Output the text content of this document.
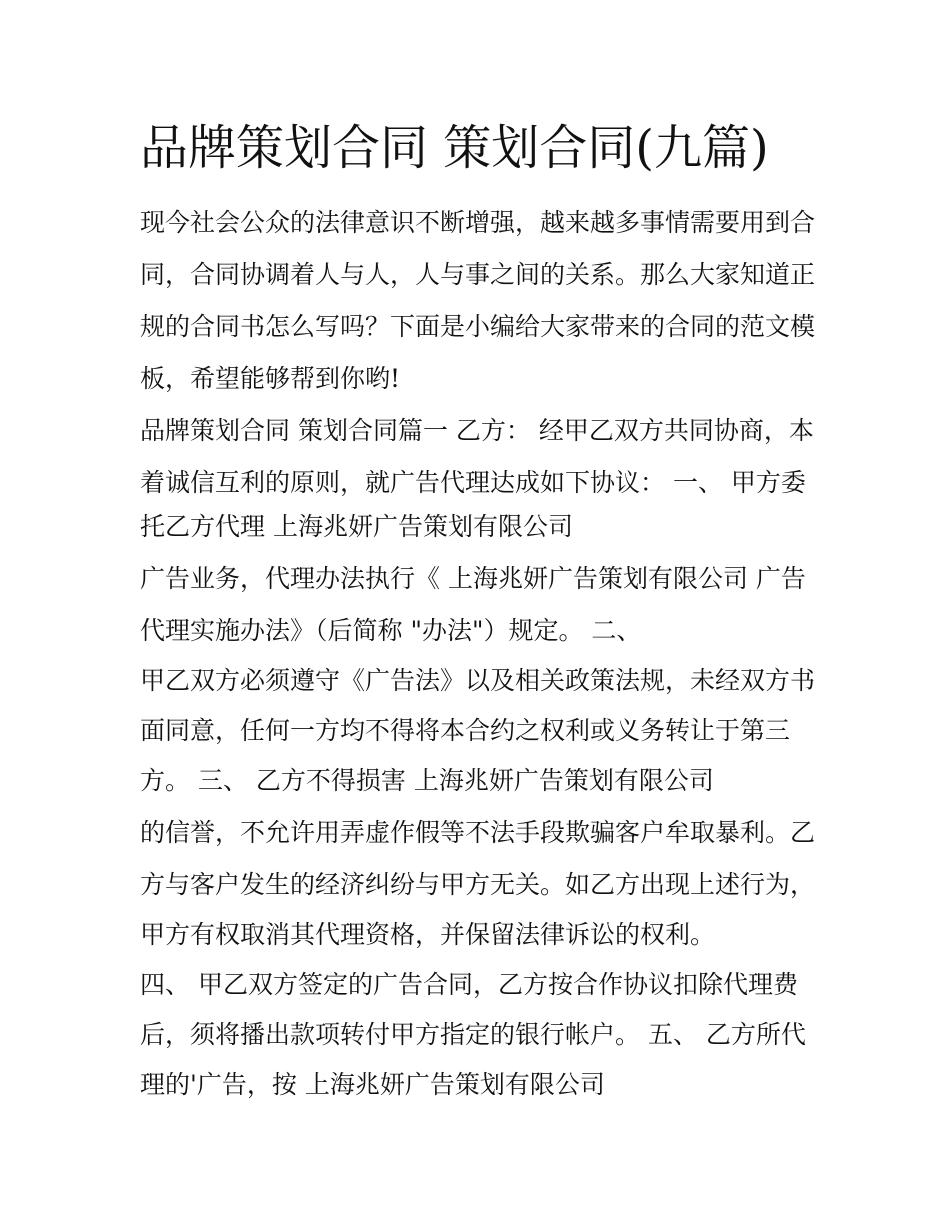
品牌策划合同 策划合同(九篇)

现今社会公众的法律意识不断增强，越来越多事情需要用到合

同，合同协调着人与人，人与事之间的关系。那么大家知道正

规的合同书怎么写吗？下面是小编给大家带来的合同的范文模

板，希望能够帮到你哟!

品牌策划合同 策划合同篇一 乙方： 经甲乙双方共同协商，本

着诚信互利的原则，就广告代理达成如下协议： 一、 甲方委

托乙方代理 上海兆妍广告策划有限公司

广告业务，代理办法执行《 上海兆妍广告策划有限公司 广告

代理实施办法》（后简称 "办法"）规定。 二、

甲乙双方必须遵守《广告法》以及相关政策法规，未经双方书

面同意，任何一方均不得将本合约之权利或义务转让于第三

方。 三、 乙方不得损害 上海兆妍广告策划有限公司

的信誉，不允许用弄虚作假等不法手段欺骗客户牟取暴利。乙

方与客户发生的经济纠纷与甲方无关。如乙方出现上述行为，

甲方有权取消其代理资格，并保留法律诉讼的权利。

四、 甲乙双方签定的广告合同，乙方按合作协议扣除代理费

后，须将播出款项转付甲方指定的银行帐户。 五、 乙方所代

理的'广告，按 上海兆妍广告策划有限公司
